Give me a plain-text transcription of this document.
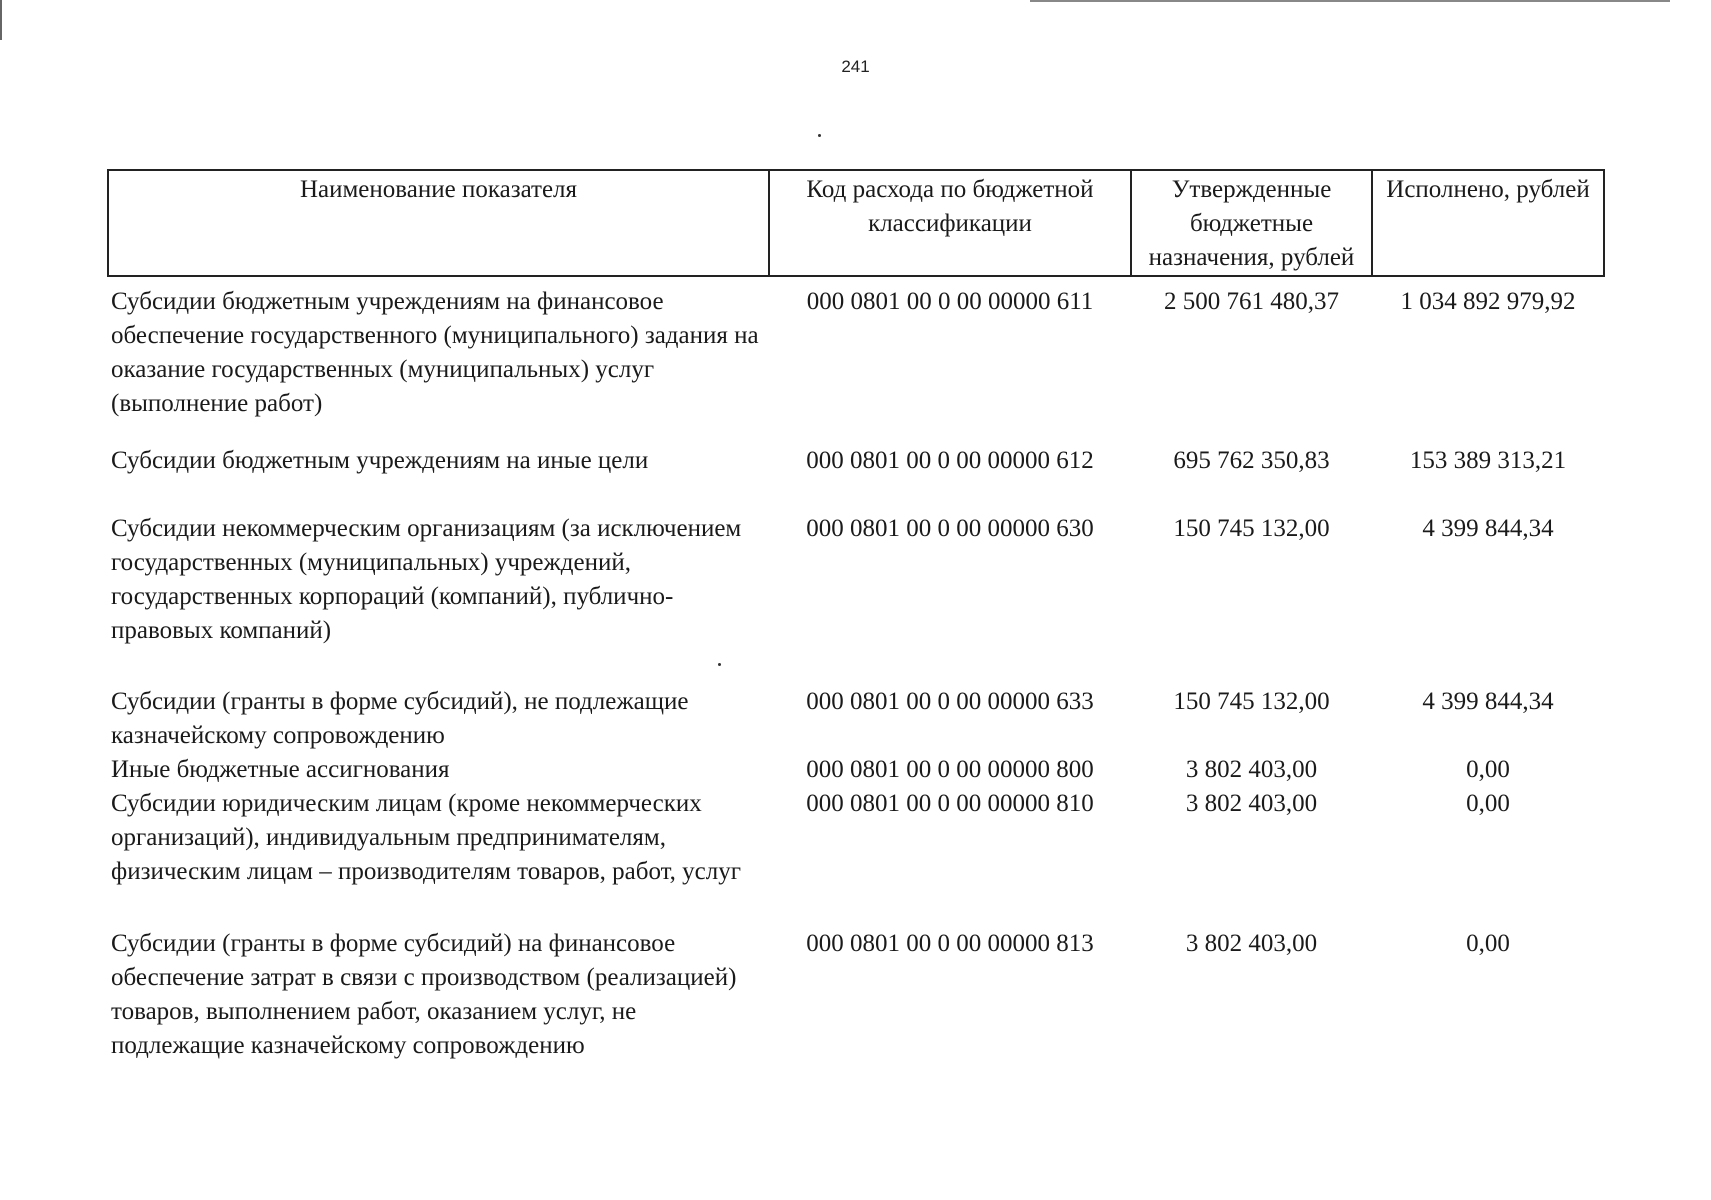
241
Наименование показателя	Код расхода по бюджетной классификации	Утвержденные бюджетные назначения, рублей	Исполнено, рублей
Субсидии бюджетным учреждениям на финансовое обеспечение государственного (муниципального) задания на оказание государственных (муниципальных) услуг (выполнение работ)	000 0801 00 0 00 00000 611	2 500 761 480,37	1 034 892 979,92
Субсидии бюджетным учреждениям на иные цели	000 0801 00 0 00 00000 612	695 762 350,83	153 389 313,21
Субсидии некоммерческим организациям (за исключением государственных (муниципальных) учреждений, государственных корпораций (компаний), публично-правовых компаний)	000 0801 00 0 00 00000 630	150 745 132,00	4 399 844,34
Субсидии (гранты в форме субсидий), не подлежащие казначейскому сопровождению	000 0801 00 0 00 00000 633	150 745 132,00	4 399 844,34
Иные бюджетные ассигнования	000 0801 00 0 00 00000 800	3 802 403,00	0,00
Субсидии юридическим лицам (кроме некоммерческих организаций), индивидуальным предпринимателям, физическим лицам – производителям товаров, работ, услуг	000 0801 00 0 00 00000 810	3 802 403,00	0,00
Субсидии (гранты в форме субсидий) на финансовое обеспечение затрат в связи с производством (реализацией) товаров, выполнением работ, оказанием услуг, не подлежащие казначейскому сопровождению	000 0801 00 0 00 00000 813	3 802 403,00	0,00
